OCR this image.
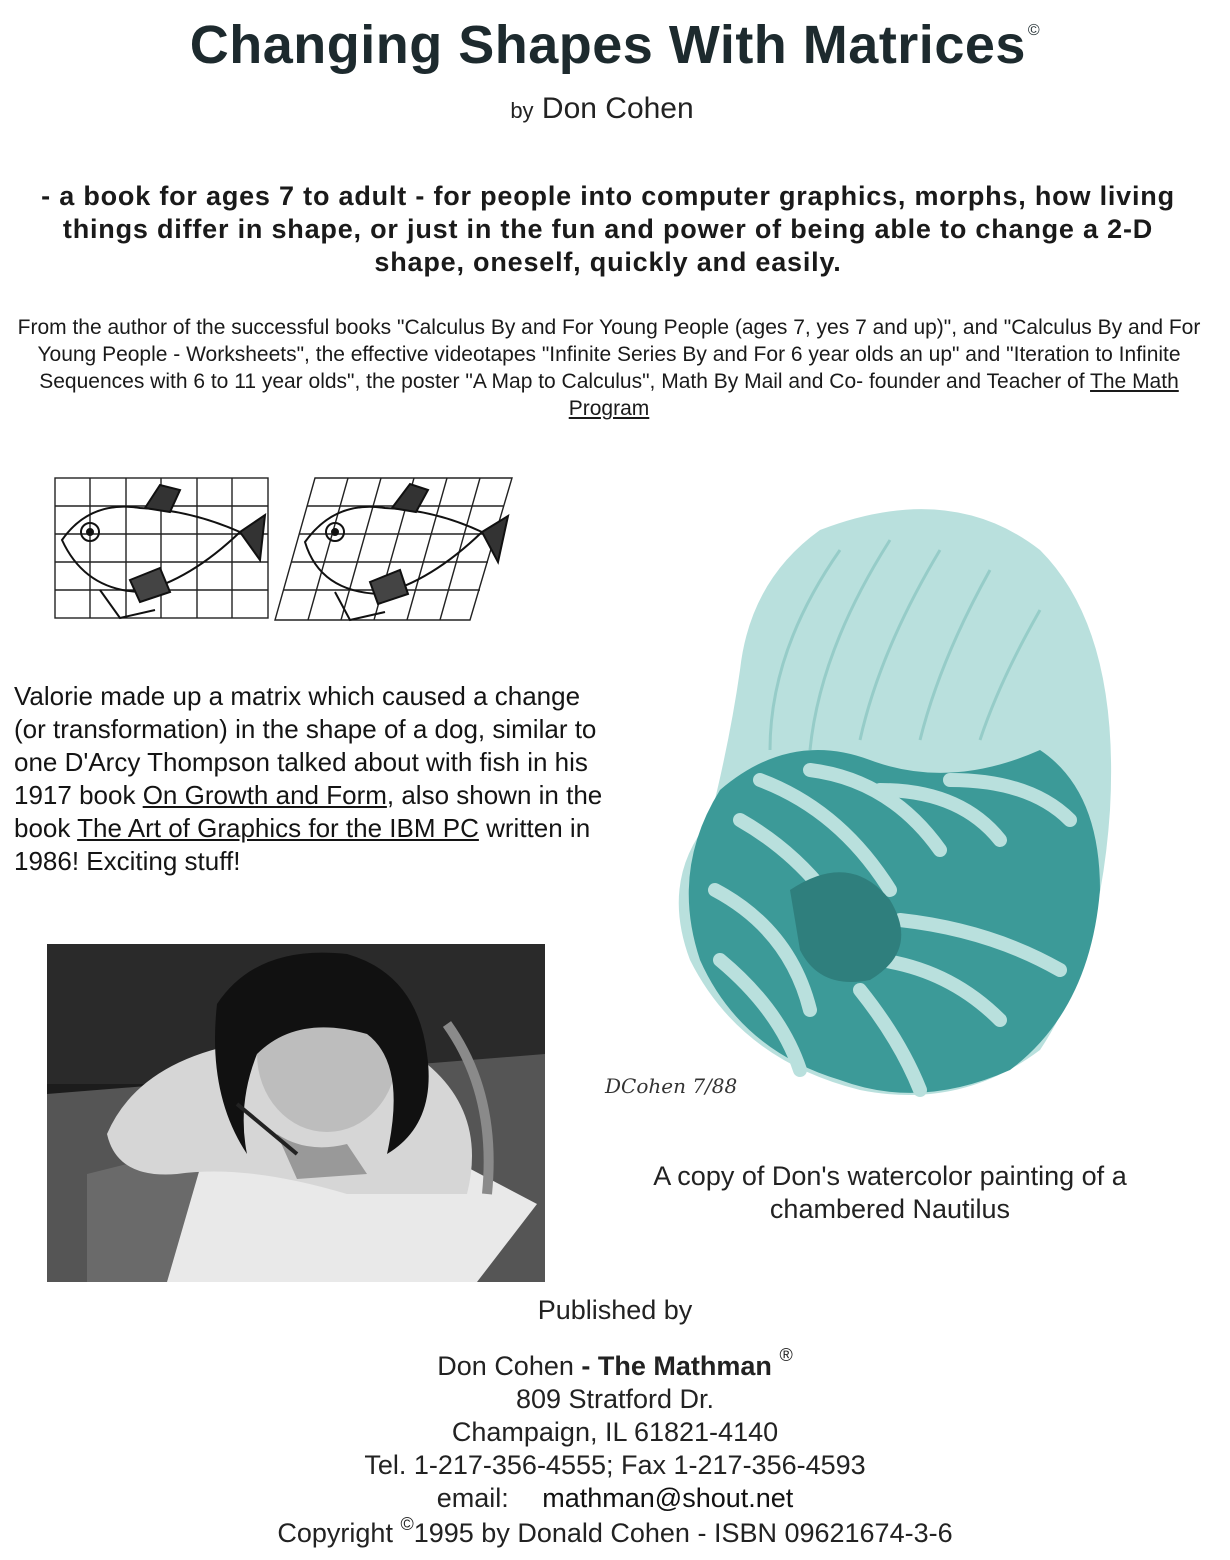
Changing Shapes With Matrices ©
by Don Cohen
- a book for ages 7 to adult - for people into computer graphics, morphs, how living things differ in shape, or just in the fun and power of being able to change a 2-D shape, oneself, quickly and easily.
From the author of the successful books "Calculus By and For Young People (ages 7, yes 7 and up)", and "Calculus By and For Young People - Worksheets", the effective videotapes "Infinite Series By and For 6 year olds an up" and "Iteration to Infinite Sequences with 6 to 11 year olds", the poster "A Map to Calculus", Math By Mail and Co- founder and Teacher of The Math Program
Valorie made up a matrix which caused a change (or transformation) in the shape of a dog, similar to one D'Arcy Thompson talked about with fish in his 1917 book On Growth and Form, also shown in the book The Art of Graphics for the IBM PC written in 1986! Exciting stuff!
DCohen 7/88
A copy of Don's watercolor painting of a chambered Nautilus
Published by
Don Cohen - The Mathman ®
809 Stratford Dr.
Champaign, IL 61821-4140
Tel. 1-217-356-4555; Fax 1-217-356-4593
email: mathman@shout.net
Copyright ©1995 by Donald Cohen - ISBN 09621674-3-6
